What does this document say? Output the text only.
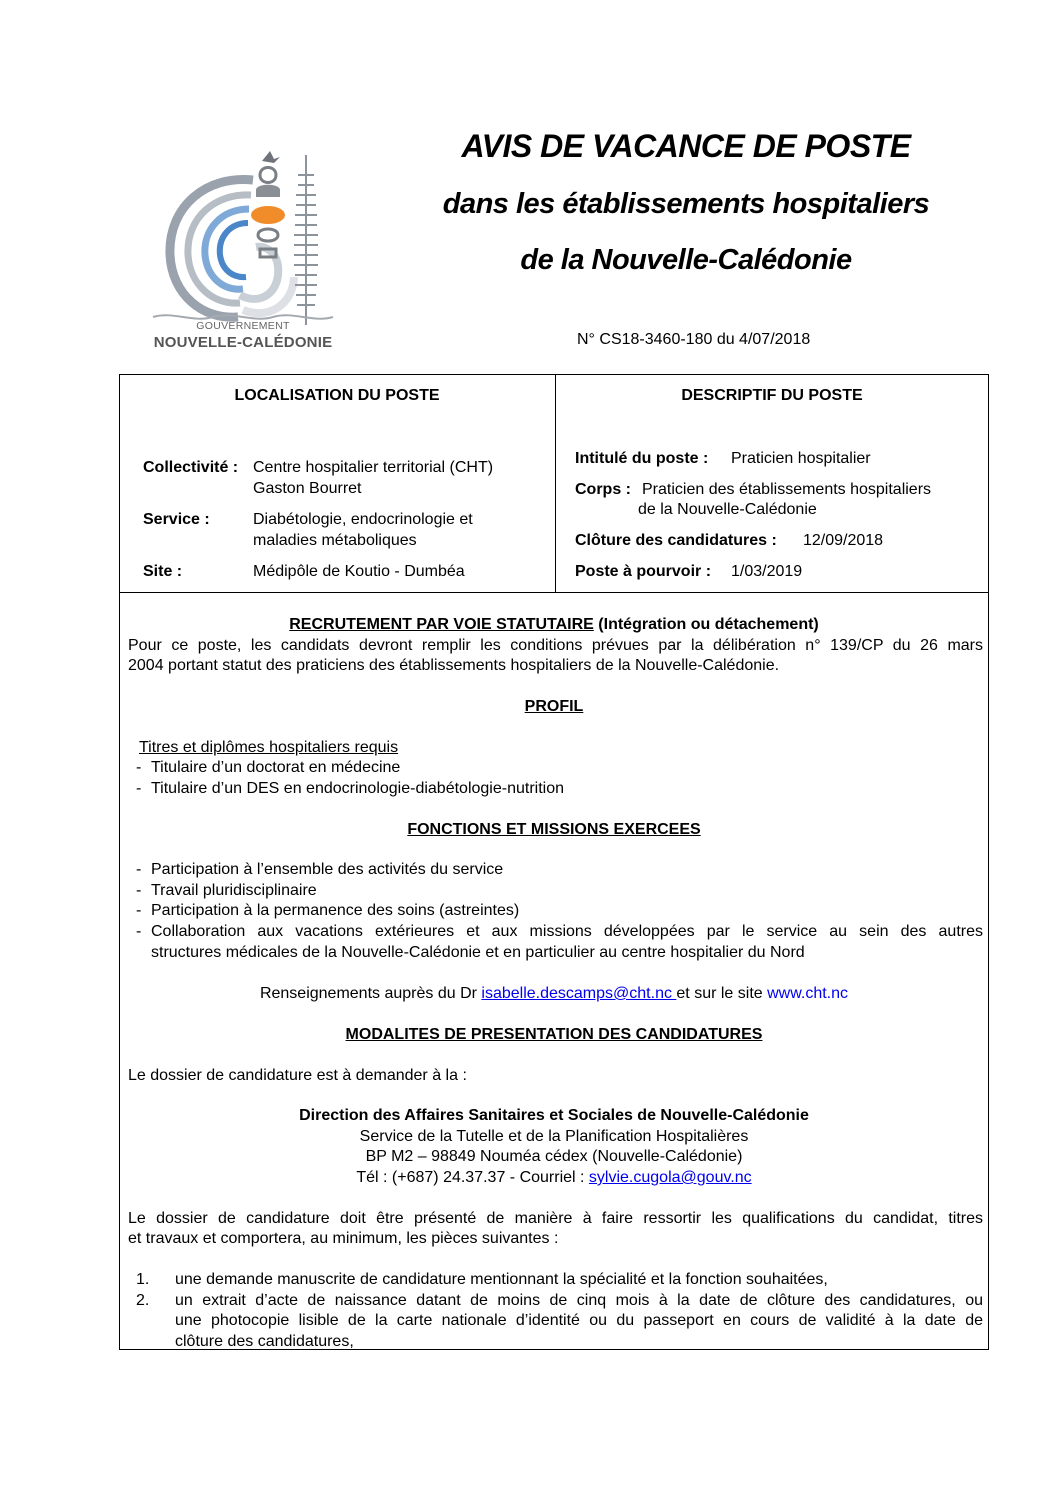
GOUVERNEMENT
NOUVELLE-CALÉDONIE
AVIS DE VACANCE DE POSTE
dans les établissements hospitaliers
de la Nouvelle-Calédonie
N° CS18-3460-180 du 4/07/2018
LOCALISATION DU POSTE
Collectivité : Centre hospitalier territorial (CHT)
Gaston Bourret
Service :	Diabétologie, endocrinologie et
maladies métaboliques
Site :	Médipôle de Koutio - Dumbéa
DESCRIPTIF DU POSTE
Intitulé du poste : Praticien hospitalier
Corps : Praticien des établissements hospitaliers
de la Nouvelle-Calédonie
Clôture des candidatures : 12/09/2018
Poste à pourvoir : 1/03/2019
RECRUTEMENT PAR VOIE STATUTAIRE (Intégration ou détachement)
Pour ce poste, les candidats devront remplir les conditions prévues par la délibération n° 139/CP du 26 mars
2004 portant statut des praticiens des établissements hospitaliers de la Nouvelle-Calédonie.
PROFIL
Titres et diplômes hospitaliers requis
- Titulaire d’un doctorat en médecine
- Titulaire d’un DES en endocrinologie-diabétologie-nutrition
FONCTIONS ET MISSIONS EXERCEES
- Participation à l’ensemble des activités du service
- Travail pluridisciplinaire
- Participation à la permanence des soins (astreintes)
- Collaboration aux vacations extérieures et aux missions développées par le service au sein des autres
structures médicales de la Nouvelle-Calédonie et en particulier au centre hospitalier du Nord
Renseignements auprès du Dr isabelle.descamps@cht.nc et sur le site www.cht.nc
MODALITES DE PRESENTATION DES CANDIDATURES
Le dossier de candidature est à demander à la :
Direction des Affaires Sanitaires et Sociales de Nouvelle-Calédonie
Service de la Tutelle et de la Planification Hospitalières
BP M2 – 98849 Nouméa cédex (Nouvelle-Calédonie)
Tél : (+687) 24.37.37 - Courriel : sylvie.cugola@gouv.nc
Le dossier de candidature doit être présenté de manière à faire ressortir les qualifications du candidat, titres
et travaux et comportera, au minimum, les pièces suivantes :
1. une demande manuscrite de candidature mentionnant la spécialité et la fonction souhaitées,
2. un extrait d’acte de naissance datant de moins de cinq mois à la date de clôture des candidatures, ou
une photocopie lisible de la carte nationale d’identité ou du passeport en cours de validité à la date de
clôture des candidatures,
